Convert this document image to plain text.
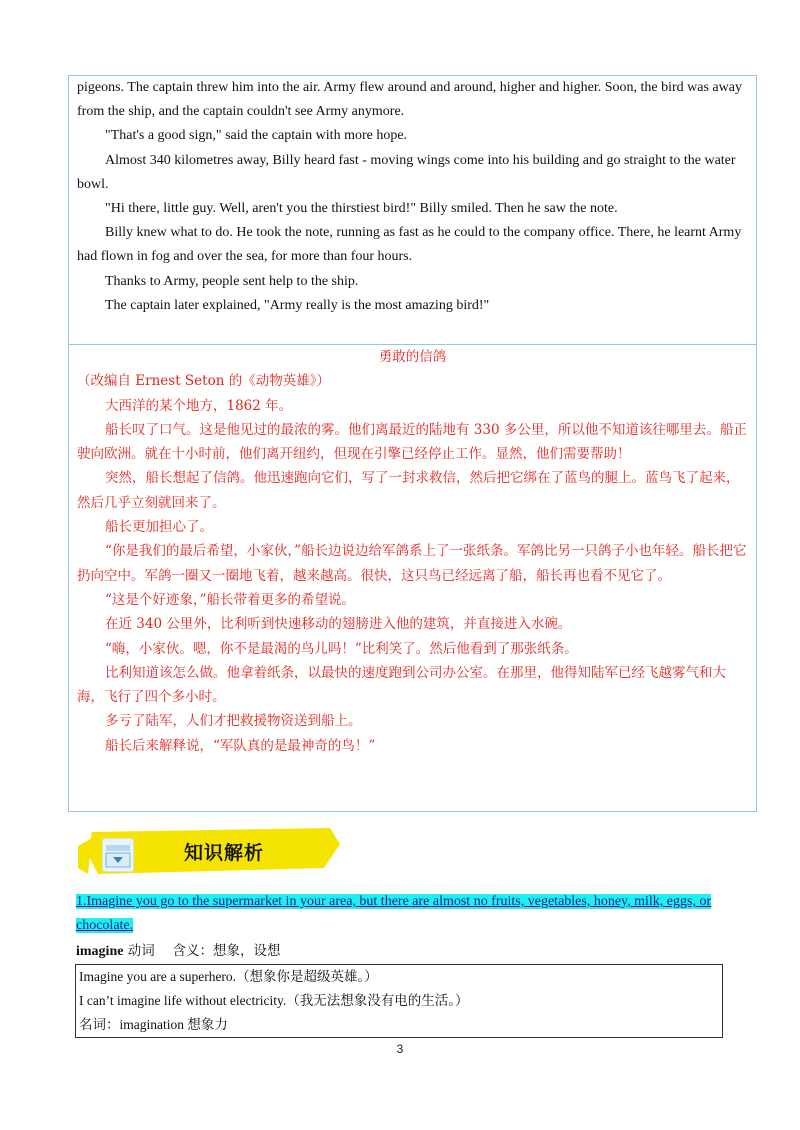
pigeons. The captain threw him into the air. Army flew around and around, higher and higher. Soon, the bird was away from the ship, and the captain couldn't see Army anymore.

"That's a good sign," said the captain with more hope.

Almost 340 kilometres away, Billy heard fast - moving wings come into his building and go straight to the water bowl.

"Hi there, little guy. Well, aren't you the thirstiest bird!" Billy smiled. Then he saw the note.

Billy knew what to do. He took the note, running as fast as he could to the company office. There, he learnt Army had flown in fog and over the sea, for more than four hours.

Thanks to Army, people sent help to the ship.

The captain later explained, "Army really is the most amazing bird!"

勇敢的信鸽

（改编自 Ernest Seton 的《动物英雄》）

大西洋的某个地方，1862 年。

船长叹了口气。这是他见过的最浓的雾。他们离最近的陆地有 330 多公里，所以他不知道该往哪里去。船正驶向欧洲。就在十小时前，他们离开纽约，但现在引擎已经停止工作。显然，他们需要帮助！

突然，船长想起了信鸽。他迅速跑向它们，写了一封求救信，然后把它绑在了蓝鸟的腿上。蓝鸟飞了起来，然后几乎立刻就回来了。

船长更加担心了。

“你是我们的最后希望，小家伙，”船长边说边给军鸽系上了一张纸条。军鸽比另一只鸽子小也年轻。船长把它扔向空中。军鸽一圈又一圈地飞着，越来越高。很快，这只鸟已经远离了船，船长再也看不见它了。

“这是个好迹象，”船长带着更多的希望说。

在近 340 公里外，比利听到快速移动的翅膀进入他的建筑，并直接进入水碗。

“嗨，小家伙。嗯，你不是最渴的鸟儿吗！”比利笑了。然后他看到了那张纸条。

比利知道该怎么做。他拿着纸条，以最快的速度跑到公司办公室。在那里，他得知陆军已经飞越雾气和大海，飞行了四个多小时。

多亏了陆军，人们才把救援物资送到船上。

船长后来解释说，“军队真的是最神奇的鸟！”

知识解析
1.Imagine you go to the supermarket in your area, but there are almost no fruits, vegetables, honey, milk, eggs, or chocolate.
imagine 动词　 含义：想象，设想
Imagine you are a superhero.（想象你是超级英雄。）
I can’t imagine life without electricity.（我无法想象没有电的生活。）
名词：imagination 想象力
3
